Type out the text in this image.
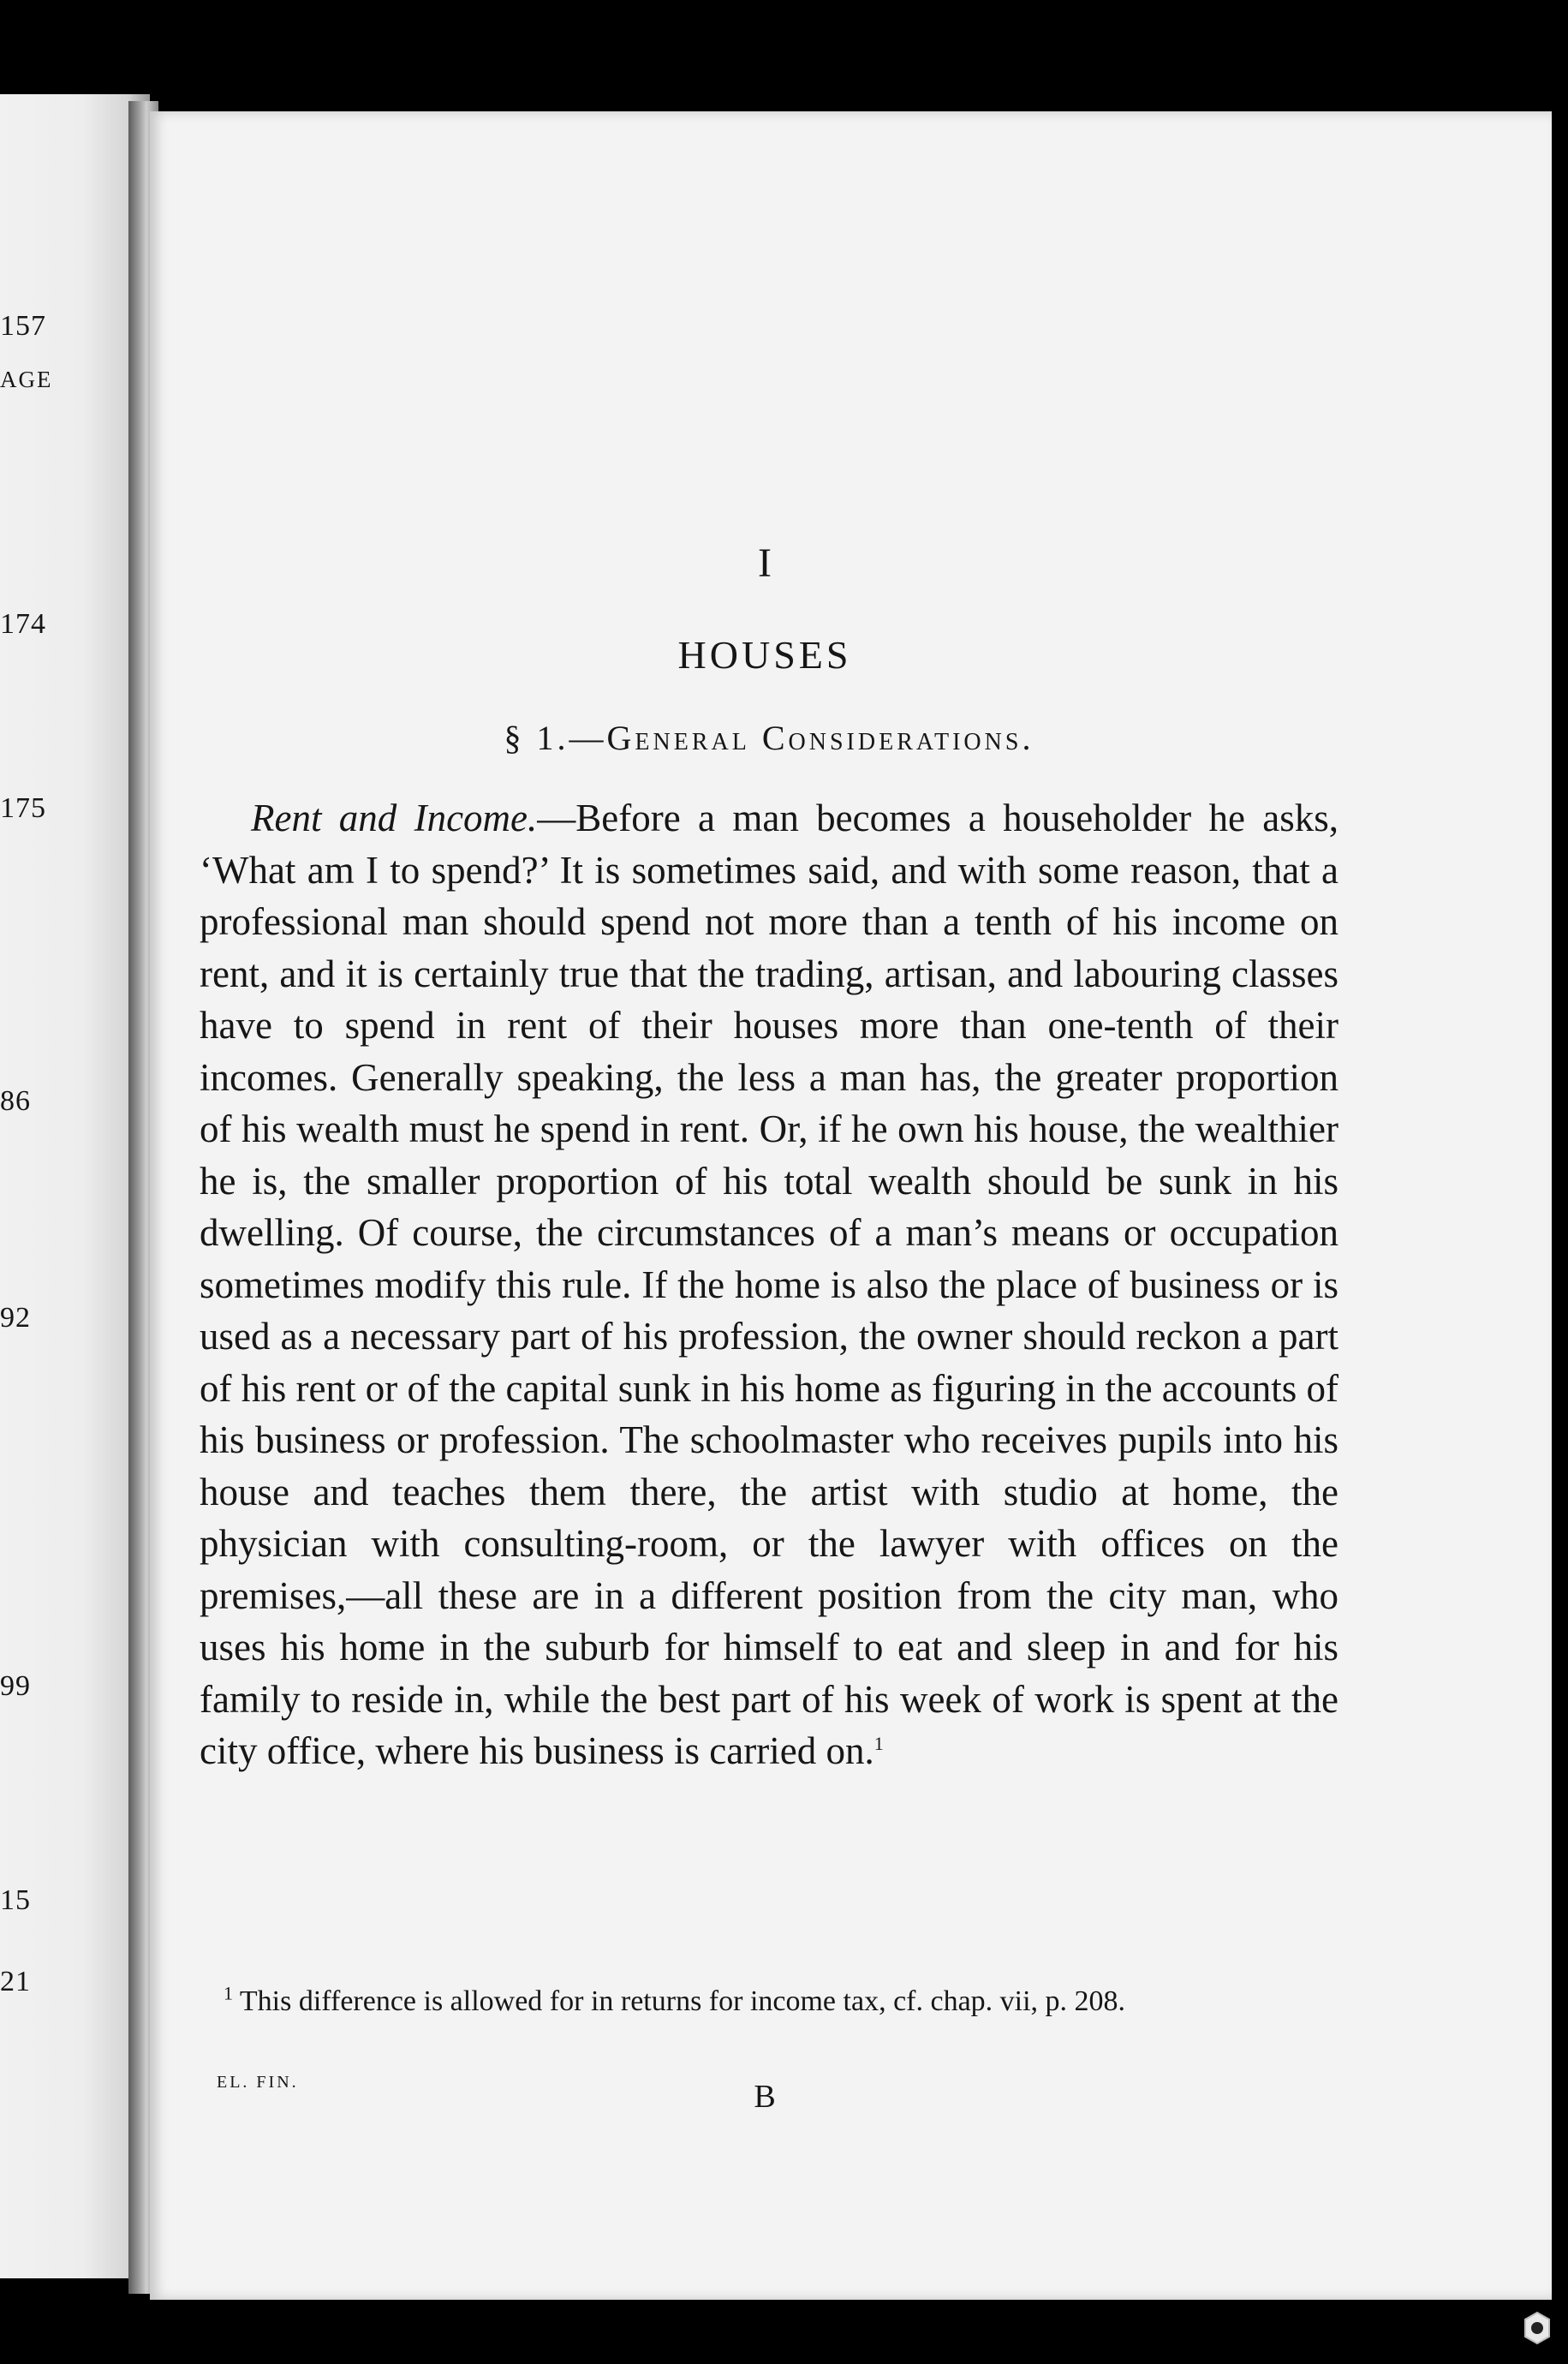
AGE
157
174
175
86
92
99
15
21
I
HOUSES
§ 1.—General Considerations.

Rent and Income.—Before a man becomes a householder he asks, ‘What am I to spend?’ It is sometimes said, and with some reason, that a professional man should spend not more than a tenth of his income on rent, and it is certainly true that the trading, artisan, and labouring classes have to spend in rent of their houses more than one-tenth of their incomes. Generally speaking, the less a man has, the greater proportion of his wealth must he spend in rent. Or, if he own his house, the wealthier he is, the smaller proportion of his total wealth should be sunk in his dwelling. Of course, the circumstances of a man’s means or occupation sometimes modify this rule. If the home is also the place of business or is used as a necessary part of his profession, the owner should reckon a part of his rent or of the capital sunk in his home as figuring in the accounts of his business or profession. The schoolmaster who receives pupils into his house and teaches them there, the artist with studio at home, the physician with consulting-room, or the lawyer with offices on the premises,—all these are in a different position from the city man, who uses his home in the suburb for himself to eat and sleep in and for his family to reside in, while the best part of his week of work is spent at the city office, where his business is carried on.$^1$

$^1$ This difference is allowed for in returns for income tax, cf. chap. vii, p. 208.

EL. FIN.	B
